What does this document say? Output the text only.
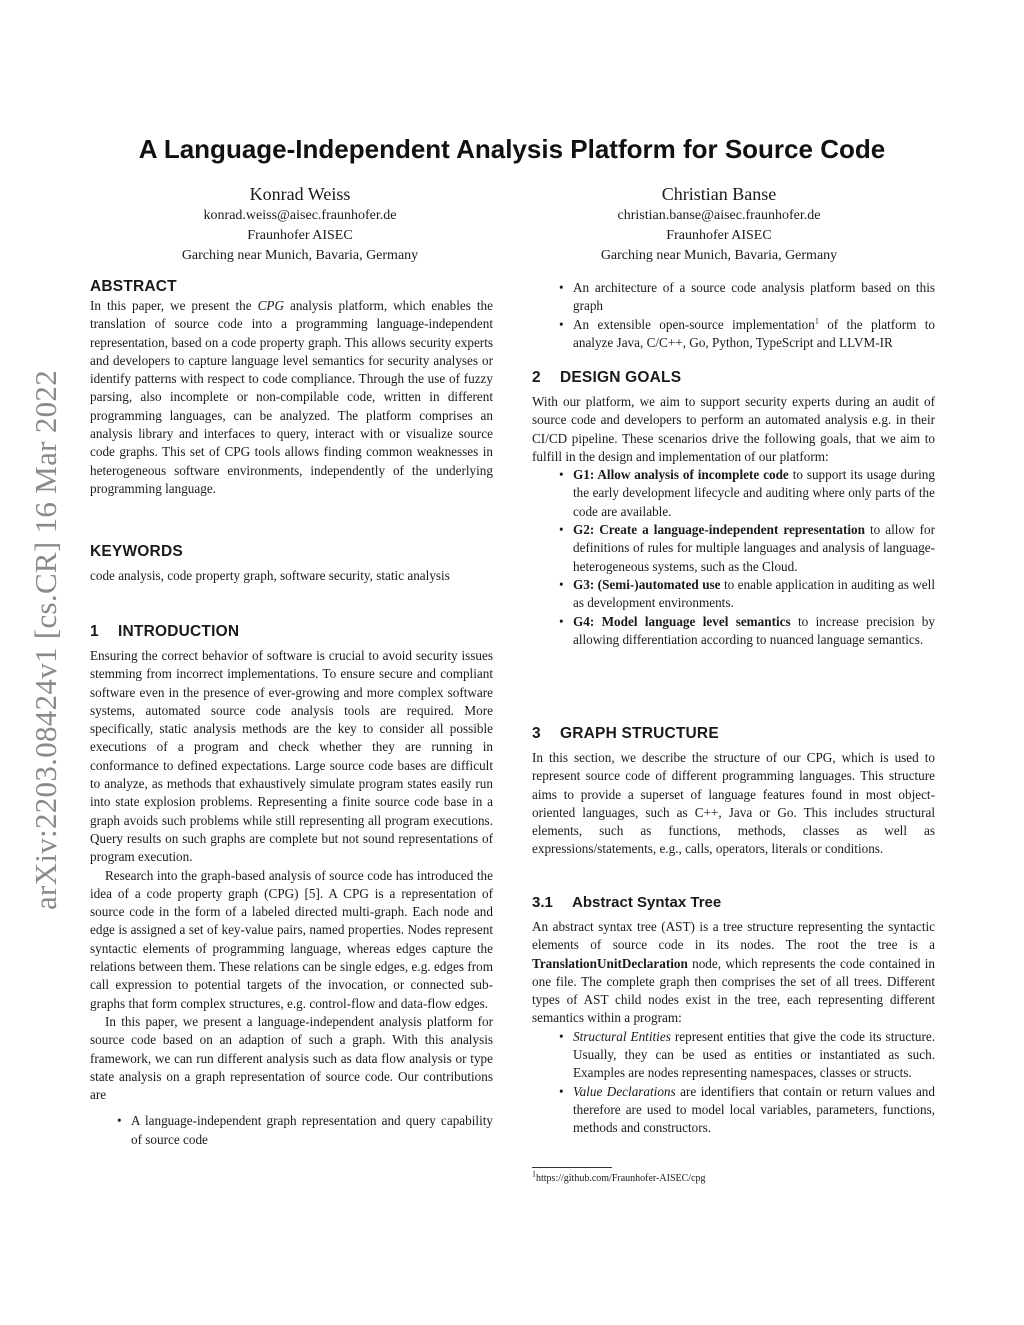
arXiv:2203.08424v1 [cs.CR] 16 Mar 2022
A Language-Independent Analysis Platform for Source Code
Konrad Weiss
konrad.weiss@aisec.fraunhofer.de
Fraunhofer AISEC
Garching near Munich, Bavaria, Germany
Christian Banse
christian.banse@aisec.fraunhofer.de
Fraunhofer AISEC
Garching near Munich, Bavaria, Germany
ABSTRACT

In this paper, we present the CPG analysis platform, which enables the translation of source code into a programming language-independent representation, based on a code property graph. This allows security experts and developers to capture language level semantics for security analyses or identify patterns with respect to code compliance. Through the use of fuzzy parsing, also incomplete or non-compilable code, written in different programming languages, can be analyzed. The platform comprises an analysis library and interfaces to query, interact with or visualize source code graphs. This set of CPG tools allows finding common weaknesses in heterogeneous software environments, independently of the underlying programming language.

KEYWORDS

code analysis, code property graph, software security, static analysis

1 INTRODUCTION

Ensuring the correct behavior of software is crucial to avoid security issues stemming from incorrect implementations. To ensure secure and compliant software even in the presence of ever-growing and more complex software systems, automated source code analysis tools are required. More specifically, static analysis methods are the key to consider all possible executions of a program and check whether they are running in conformance to defined expectations. Large source code bases are difficult to analyze, as methods that exhaustively simulate program states easily run into state explosion problems. Representing a finite source code base in a graph avoids such problems while still representing all program executions. Query results on such graphs are complete but not sound representations of program execution.

Research into the graph-based analysis of source code has introduced the idea of a code property graph (CPG) [5]. A CPG is a representation of source code in the form of a labeled directed multi-graph. Each node and edge is assigned a set of key-value pairs, named properties. Nodes represent syntactic elements of programming language, whereas edges capture the relations between them. These relations can be single edges, e.g. edges from call expression to potential targets of the invocation, or connected sub-graphs that form complex structures, e.g. control-flow and data-flow edges.

In this paper, we present a language-independent analysis platform for source code based on an adaption of such a graph. With this analysis framework, we can run different analysis such as data flow analysis or type state analysis on a graph representation of source code. Our contributions are

• A language-independent graph representation and query capability of source code
• An architecture of a source code analysis platform based on this graph
• An extensible open-source implementation$^1$ of the platform to analyze Java, C/C++, Go, Python, TypeScript and LLVM-IR
2 DESIGN GOALS

With our platform, we aim to support security experts during an audit of source code and developers to perform an automated analysis e.g. in their CI/CD pipeline. These scenarios drive the following goals, that we aim to fulfill in the design and implementation of our platform:

• G1: Allow analysis of incomplete code to support its usage during the early development lifecycle and auditing where only parts of the code are available.
• G2: Create a language-independent representation to allow for definitions of rules for multiple languages and analysis of language-heterogeneous systems, such as the Cloud.
• G3: (Semi-)automated use to enable application in auditing as well as development environments.
• G4: Model language level semantics to increase precision by allowing differentiation according to nuanced language semantics.
3 GRAPH STRUCTURE

In this section, we describe the structure of our CPG, which is used to represent source code of different programming languages. This structure aims to provide a superset of language features found in most object-oriented languages, such as C++, Java or Go. This includes structural elements, such as functions, methods, classes as well as expressions/statements, e.g., calls, operators, literals or conditions.

3.1 Abstract Syntax Tree

An abstract syntax tree (AST) is a tree structure representing the syntactic elements of source code in its nodes. The root the tree is a TranslationUnitDeclaration node, which represents the code contained in one file. The complete graph then comprises the set of all trees. Different types of AST child nodes exist in the tree, each representing different semantics within a program:

• Structural Entities represent entities that give the code its structure. Usually, they can be used as entities or instantiated as such. Examples are nodes representing namespaces, classes or structs.
• Value Declarations are identifiers that contain or return values and therefore are used to model local variables, parameters, functions, methods and constructors.
$^1$https://github.com/Fraunhofer-AISEC/cpg
